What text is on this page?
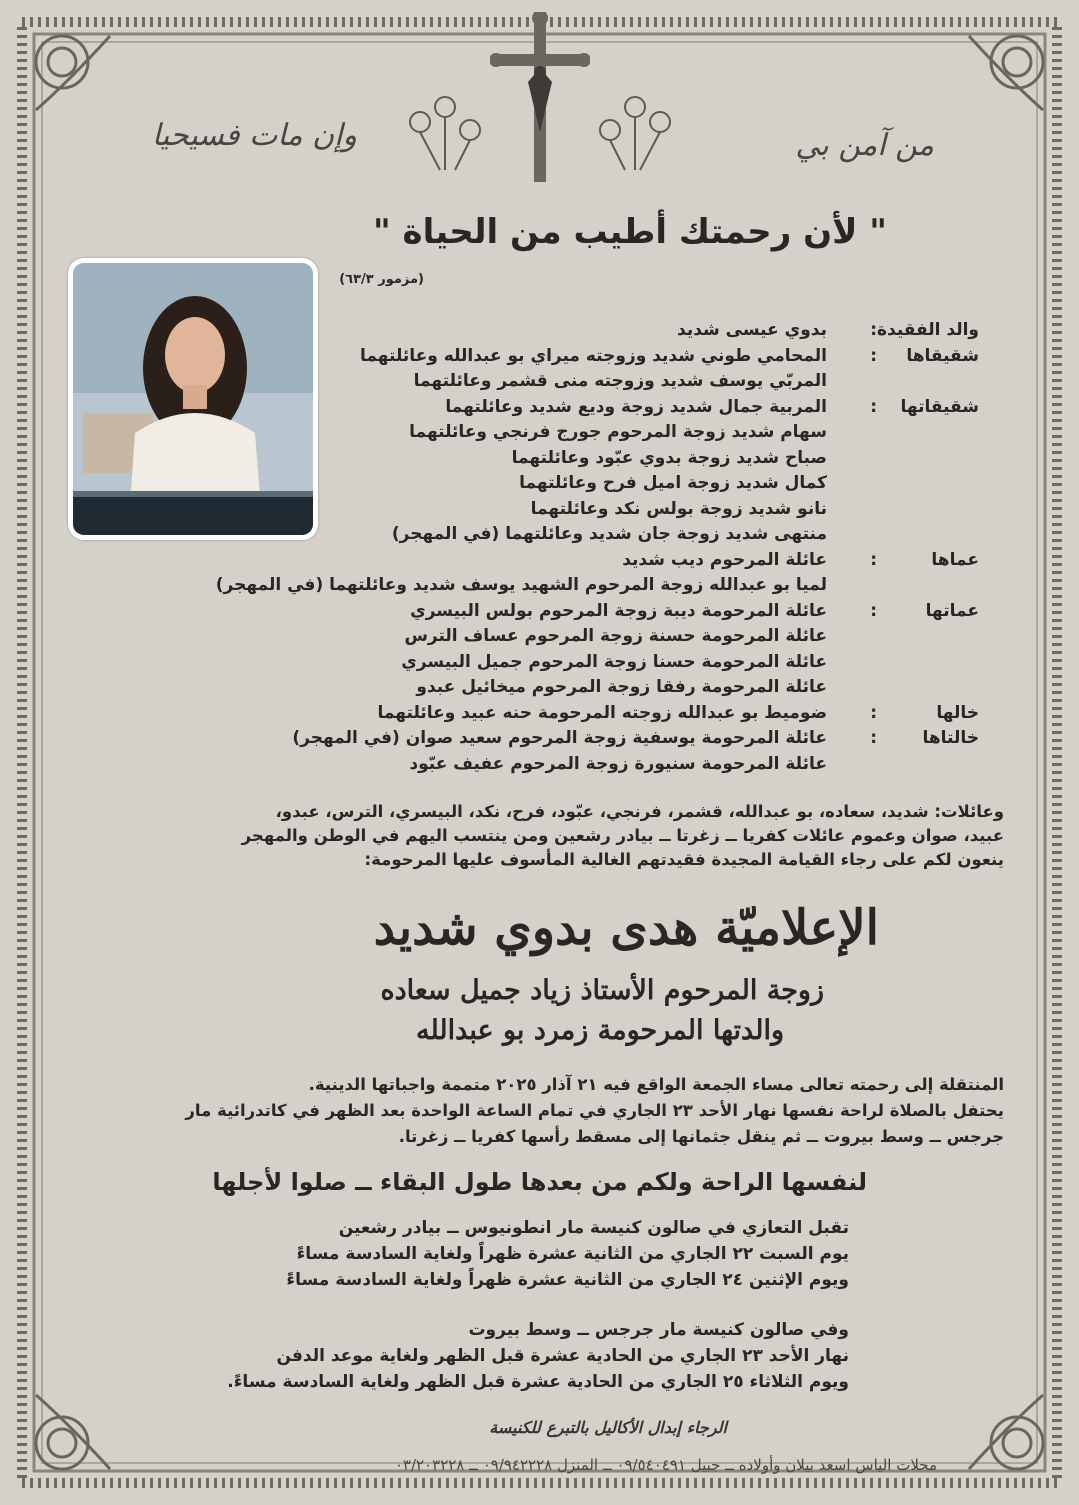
من آمن بي
وإن مات فسيحيا
" لأن رحمتك أطيب من الحياة "
(مزمور ٦٣/٣)
والد الفقيدة
:
بدوي عيسى شديد
شقيقاها
:
المحامي طوني شديد وزوجته ميراي بو عبدالله وعائلتهما
المربّي يوسف شديد وزوجته منى قشمر وعائلتهما
شقيقاتها
:
المربية جمال شديد زوجة وديع شديد وعائلتهما
سهام شديد زوجة المرحوم جورج فرنجي وعائلتهما
صباح شديد زوجة بدوي عبّود وعائلتهما
كمال شديد زوجة اميل فرح وعائلتهما
نانو شديد زوجة بولس نكد وعائلتهما
منتهى شديد زوجة جان شديد وعائلتهما (في المهجر)
عماها
:
عائلة المرحوم ديب شديد
لميا بو عبدالله زوجة المرحوم الشهيد يوسف شديد وعائلتهما (في المهجر)
عماتها
:
عائلة المرحومة ديبة زوجة المرحوم بولس البيسري
عائلة المرحومة حسنة زوجة المرحوم عساف الترس
عائلة المرحومة حسنا زوجة المرحوم جميل البيسري
عائلة المرحومة رفقا زوجة المرحوم ميخائيل عبدو
خالها
:
ضوميط بو عبدالله زوجته المرحومة حنه عبيد وعائلتهما
خالتاها
:
عائلة المرحومة يوسفية زوجة المرحوم سعيد صوان (في المهجر)
عائلة المرحومة سنيورة زوجة المرحوم عفيف عبّود
وعائلات: شديد، سعاده، بو عبدالله، قشمر، فرنجي، عبّود، فرح، نكد، البيسري، الترس، عبدو،
عبيد، صوان وعموم عائلات كفريا ــ زغرتا ــ بيادر رشعين ومن ينتسب اليهم في الوطن والمهجر
ينعون لكم على رجاء القيامة المجيدة فقيدتهم الغالية المأسوف عليها المرحومة:
الإعلاميّة هدى بدوي شديد
زوجة المرحوم الأستاذ زياد جميل سعاده
والدتها المرحومة زمرد بو عبدالله
المنتقلة إلى رحمته تعالى مساء الجمعة الواقع فيه ٢١ آذار ٢٠٢٥ متممة واجباتها الدينية.
يحتفل بالصلاة لراحة نفسها نهار الأحد ٢٣ الجاري في تمام الساعة الواحدة بعد الظهر في كاتدرائية مار
جرجس ــ وسط بيروت ــ ثم ينقل جثمانها إلى مسقط رأسها كفريا ــ زغرتا.
لنفسها الراحة ولكم من بعدها طول البقاء ــ صلوا لأجلها
تقبل التعازي في صالون كنيسة مار انطونيوس ــ بيادر رشعين
يوم السبت ٢٢ الجاري من الثانية عشرة ظهراً ولغاية السادسة مساءً
ويوم الإثنين ٢٤ الجاري من الثانية عشرة ظهراً ولغاية السادسة مساءً
وفي صالون كنيسة مار جرجس ــ وسط بيروت
نهار الأحد ٢٣ الجاري من الحادية عشرة قبل الظهر ولغاية موعد الدفن
ويوم الثلاثاء ٢٥ الجاري من الحادية عشرة قبل الظهر ولغاية السادسة مساءً.
الرجاء إبدال الأكاليل بالتبرع للكنيسة
محلات الياس اسعد بيلان وأولاده ــ جبيل ٠٩/٥٤٠٤٩١ ــ المنزل ٠٩/٩٤٢٢٢٨ ــ ٠٣/٢٠٣٢٢٨
